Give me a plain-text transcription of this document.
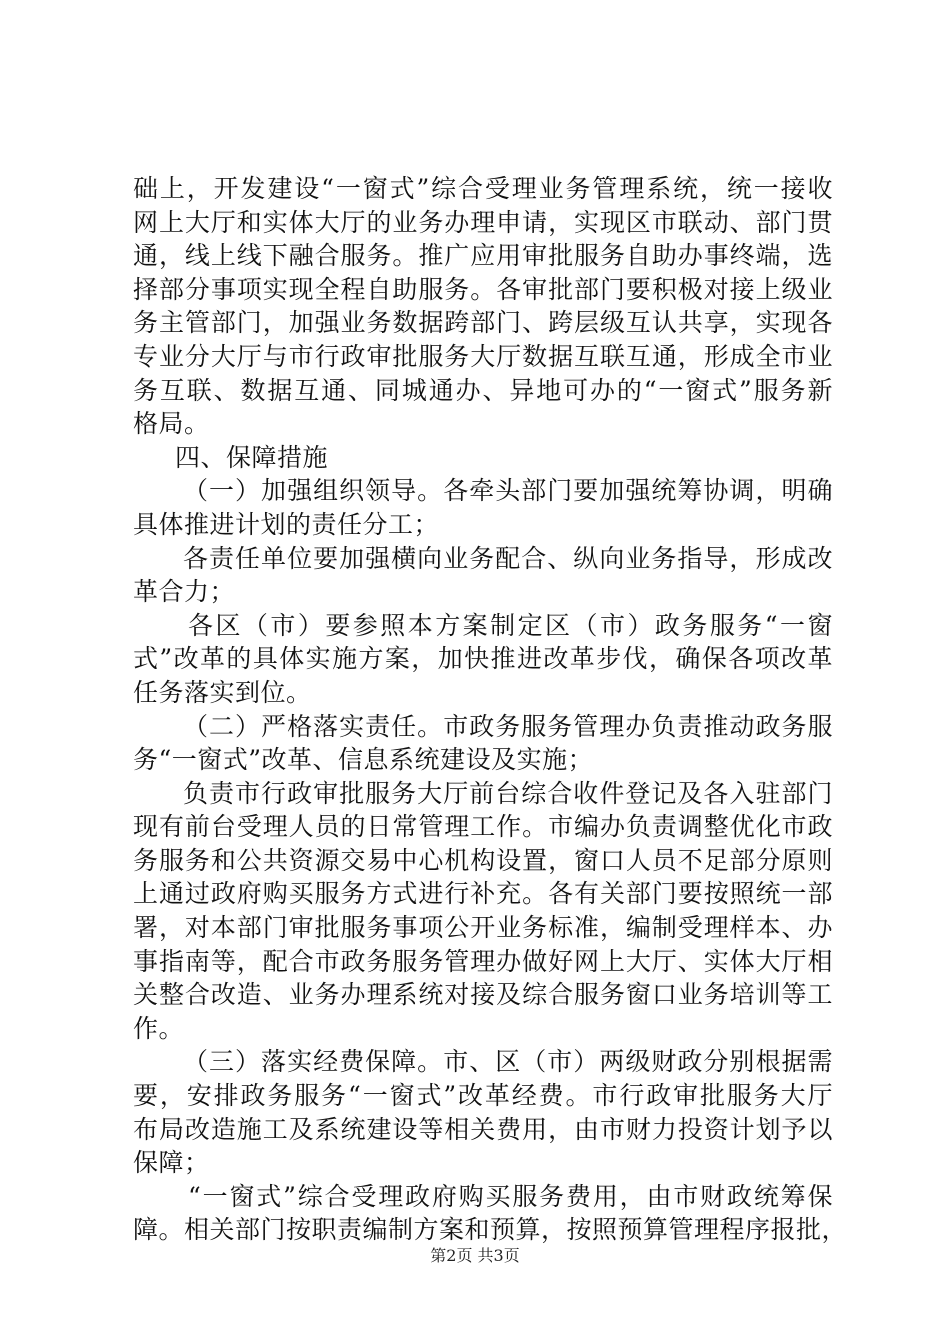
础上，开发建设“一窗式”综合受理业务管理系统，统一接收
网上大厅和实体大厅的业务办理申请，实现区市联动、部门贯
通，线上线下融合服务。推广应用审批服务自助办事终端，选
择部分事项实现全程自助服务。各审批部门要积极对接上级业
务主管部门，加强业务数据跨部门、跨层级互认共享，实现各
专业分大厅与市行政审批服务大厅数据互联互通，形成全市业
务互联、数据互通、同城通办、异地可办的“一窗式”服务新
格局。
四、保障措施
（一）加强组织领导。各牵头部门要加强统筹协调，明确
具体推进计划的责任分工；
各责任单位要加强横向业务配合、纵向业务指导，形成改
革合力；
各区（市）要参照本方案制定区（市）政务服务“一窗
式”改革的具体实施方案，加快推进改革步伐，确保各项改革
任务落实到位。
（二）严格落实责任。市政务服务管理办负责推动政务服
务“一窗式”改革、信息系统建设及实施；
负责市行政审批服务大厅前台综合收件登记及各入驻部门
现有前台受理人员的日常管理工作。市编办负责调整优化市政
务服务和公共资源交易中心机构设置，窗口人员不足部分原则
上通过政府购买服务方式进行补充。各有关部门要按照统一部
署，对本部门审批服务事项公开业务标准，编制受理样本、办
事指南等，配合市政务服务管理办做好网上大厅、实体大厅相
关整合改造、业务办理系统对接及综合服务窗口业务培训等工
作。
（三）落实经费保障。市、区（市）两级财政分别根据需
要，安排政务服务“一窗式”改革经费。市行政审批服务大厅
布局改造施工及系统建设等相关费用，由市财力投资计划予以
保障；
“一窗式”综合受理政府购买服务费用，由市财政统筹保
障。相关部门按职责编制方案和预算，按照预算管理程序报批，
第2页 共3页
